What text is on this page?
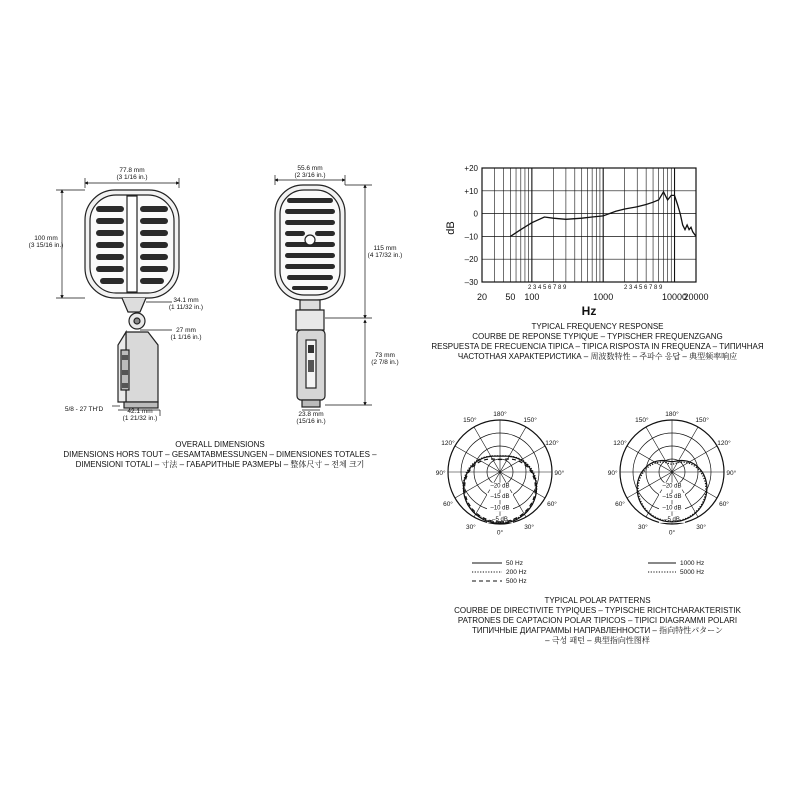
77.8 mm
(3 1/16 in.)
100 mm
(3 15/16 in.)
34.1 mm
(1 11/32 in.)
27 mm
(1 1/16 in.)
5/8 - 27 TH'D	42.1 mm
(1 21/32 in.)
55.6 mm
(2 3/16 in.)
115 mm
(4 17/32 in.)
73 mm
(2 7/8 in.)
23.8 mm
(15/16 in.)
+20
+10
0
–10
–20
–30
20 50 100	1000	10000
20000
2 3 4 5 6 7 8 9	2 3 4 5 6 7 8 9
dB
Hz
180°
150°	150°
120°	120°
90°	90°
60°	60°
30°	30°
0°
–20 dB
–15 dB
–10 dB
–5 dB
180°
150°	150°
120°	120°
90°	90°
60°	60°
30°	30°
0°
–20 dB
–15 dB
–10 dB
–5 dB
50 Hz
200 Hz
500 Hz
1000 Hz
5000 Hz
OVERALL DIMENSIONS
DIMENSIONS HORS TOUT – GESAMTABMESSUNGEN – DIMENSIONES TOTALES –
DIMENSIONI TOTALI – 寸法 – ГАБАРИТНЫЕ РАЗМЕРЫ – 整体尺寸 – 전체 크기
TYPICAL FREQUENCY RESPONSE
COURBE DE REPONSE TYPIQUE – TYPISCHER FREQUENZGANG
RESPUESTA DE FRECUENCIA TIPICA – TIPICA RISPOSTA IN FREQUENZA – ТИПИЧНАЯ
ЧАСТОТНАЯ ХАРАКТЕРИСТИКА – 周波数特性 – 주파수 응답 – 典型频率响应
TYPICAL POLAR PATTERNS
COURBE DE DIRECTIVITE TYPIQUES – TYPISCHE RICHTCHARAKTERISTIK
PATRONES DE CAPTACION POLAR TIPICOS – TIPICI DIAGRAMMI POLARI
ТИПИЧНЫЕ ДИАГРАММЫ НАПРАВЛЕННОСТИ – 指向特性パターン
– 극성 패턴 – 典型指向性图样
